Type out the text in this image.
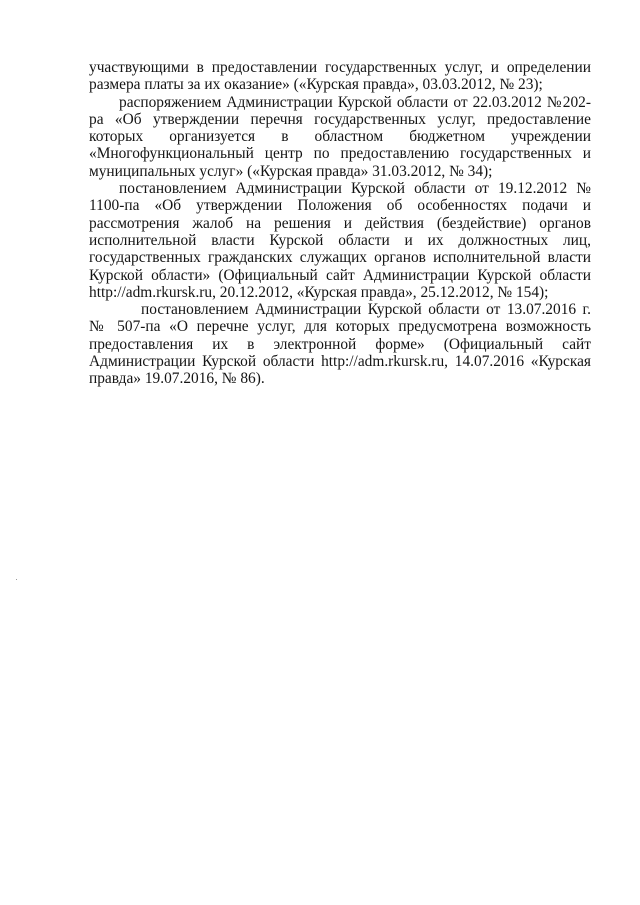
участвующими в предоставлении государственных услуг, и определении размера платы за их оказание» («Курская правда», 03.03.2012, № 23);

распоряжением Администрации Курской области от 22.03.2012 №202-ра «Об утверждении перечня государственных услуг, предоставление которых организуется в областном бюджетном учреждении «Многофункциональный центр по предоставлению государственных и муниципальных услуг» («Курская правда» 31.03.2012, № 34);

постановлением Администрации Курской области от 19.12.2012 № 1100-па «Об утверждении Положения об особенностях подачи и рассмотрения жалоб на решения и действия (бездействие) органов исполнительной власти Курской области и их должностных лиц, государственных гражданских служащих органов исполнительной власти Курской области» (Официальный сайт Администрации Курской области http://adm.rkursk.ru, 20.12.2012, «Курская правда», 25.12.2012, № 154);

постановлением Администрации Курской области от 13.07.2016 г. № 507-па «О перечне услуг, для которых предусмотрена возможность предоставления их в электронной форме» (Официальный сайт Администрации Курской области http://adm.rkursk.ru, 14.07.2016 «Курская правда» 19.07.2016, № 86).
